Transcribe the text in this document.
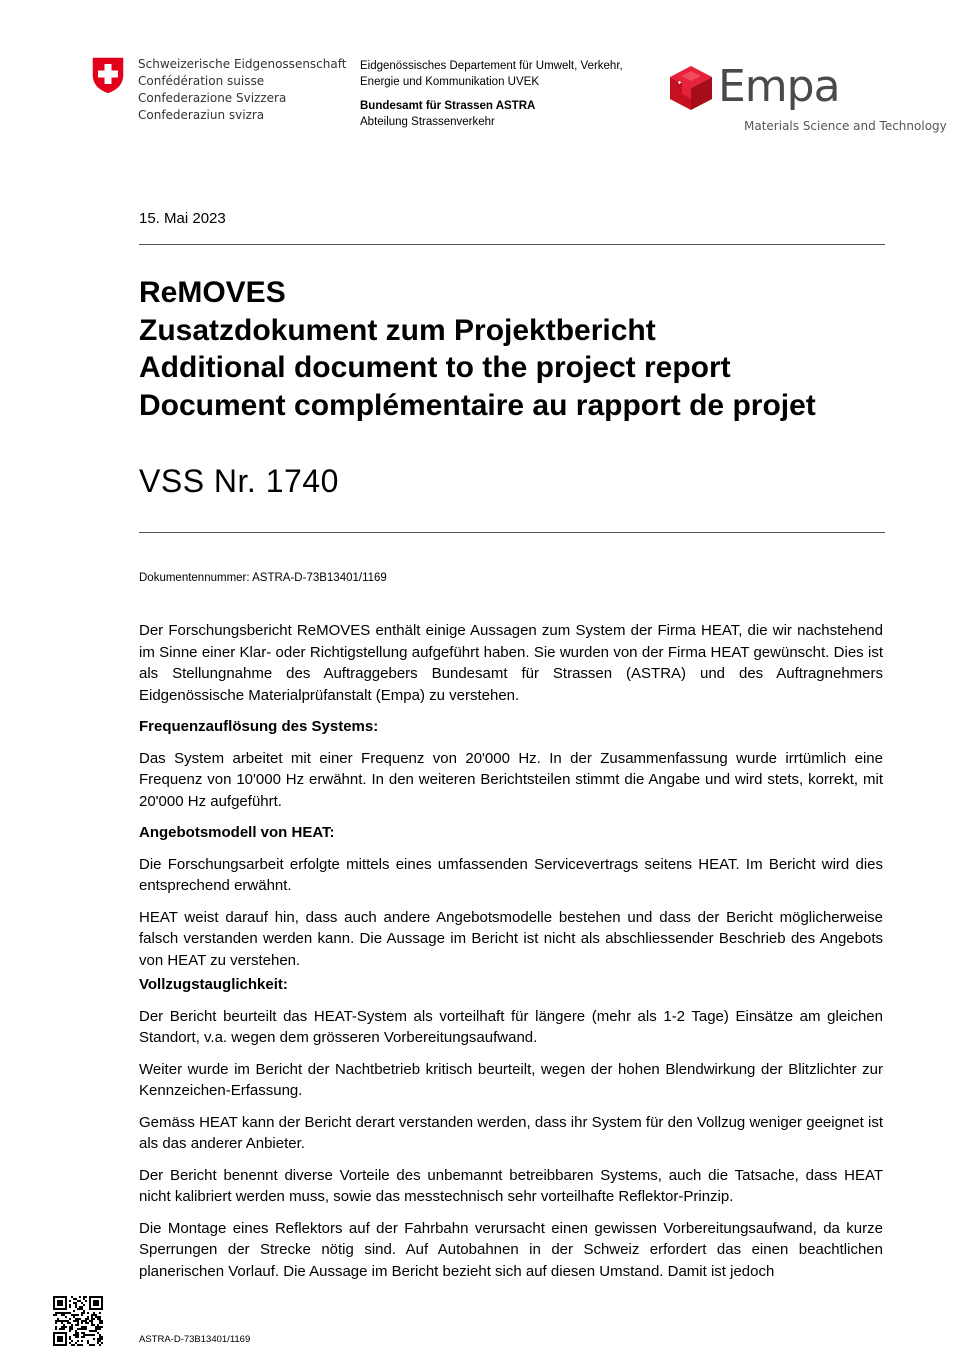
Schweizerische Eidgenossenschaft
Confédération suisse
Confederazione Svizzera
Confederaziun svizra
Eidgenössisches Departement für Umwelt, Verkehr,
Energie und Kommunikation UVEK
Bundesamt für Strassen ASTRA
Abteilung Strassenverkehr
Empa
Materials Science and Technology
15. Mai 2023
ReMOVES
Zusatzdokument zum Projektbericht
Additional document to the project report
Document complémentaire au rapport de projet
VSS Nr. 1740
Dokumentennummer: ASTRA-D-73B13401/1169

Der Forschungsbericht ReMOVES enthält einige Aussagen zum System der Firma HEAT, die wir nachstehend im Sinne einer Klar- oder Richtigstellung aufgeführt haben. Sie wurden von der Firma HEAT gewünscht. Dies ist als Stellungnahme des Auftraggebers Bundesamt für Strassen (ASTRA) und des Auftragnehmers Eidgenössische Materialprüfanstalt (Empa) zu verstehen.

Frequenzauflösung des Systems:

Das System arbeitet mit einer Frequenz von 20'000 Hz. In der Zusammenfassung wurde irrtümlich eine Frequenz von 10'000 Hz erwähnt. In den weiteren Berichtsteilen stimmt die Angabe und wird stets, korrekt, mit 20'000 Hz aufgeführt.

Angebotsmodell von HEAT:

Die Forschungsarbeit erfolgte mittels eines umfassenden Servicevertrags seitens HEAT. Im Bericht wird dies entsprechend erwähnt.

HEAT weist darauf hin, dass auch andere Angebotsmodelle bestehen und dass der Bericht möglicherweise falsch verstanden werden kann. Die Aussage im Bericht ist nicht als abschliessender Beschrieb des Angebots von HEAT zu verstehen.

Vollzugstauglichkeit:

Der Bericht beurteilt das HEAT-System als vorteilhaft für längere (mehr als 1-2 Tage) Einsätze am gleichen Standort, v.a. wegen dem grösseren Vorbereitungsaufwand.

Weiter wurde im Bericht der Nachtbetrieb kritisch beurteilt, wegen der hohen Blendwirkung der Blitzlichter zur Kennzeichen-Erfassung.

Gemäss HEAT kann der Bericht derart verstanden werden, dass ihr System für den Vollzug weniger geeignet ist als das anderer Anbieter.

Der Bericht benennt diverse Vorteile des unbemannt betreibbaren Systems, auch die Tatsache, dass HEAT nicht kalibriert werden muss, sowie das messtechnisch sehr vorteilhafte Reflektor-Prinzip.

Die Montage eines Reflektors auf der Fahrbahn verursacht einen gewissen Vorbereitungsaufwand, da kurze Sperrungen der Strecke nötig sind. Auf Autobahnen in der Schweiz erfordert das einen beachtlichen planerischen Vorlauf. Die Aussage im Bericht bezieht sich auf diesen Umstand. Damit ist jedoch

ASTRA-D-73B13401/1169
